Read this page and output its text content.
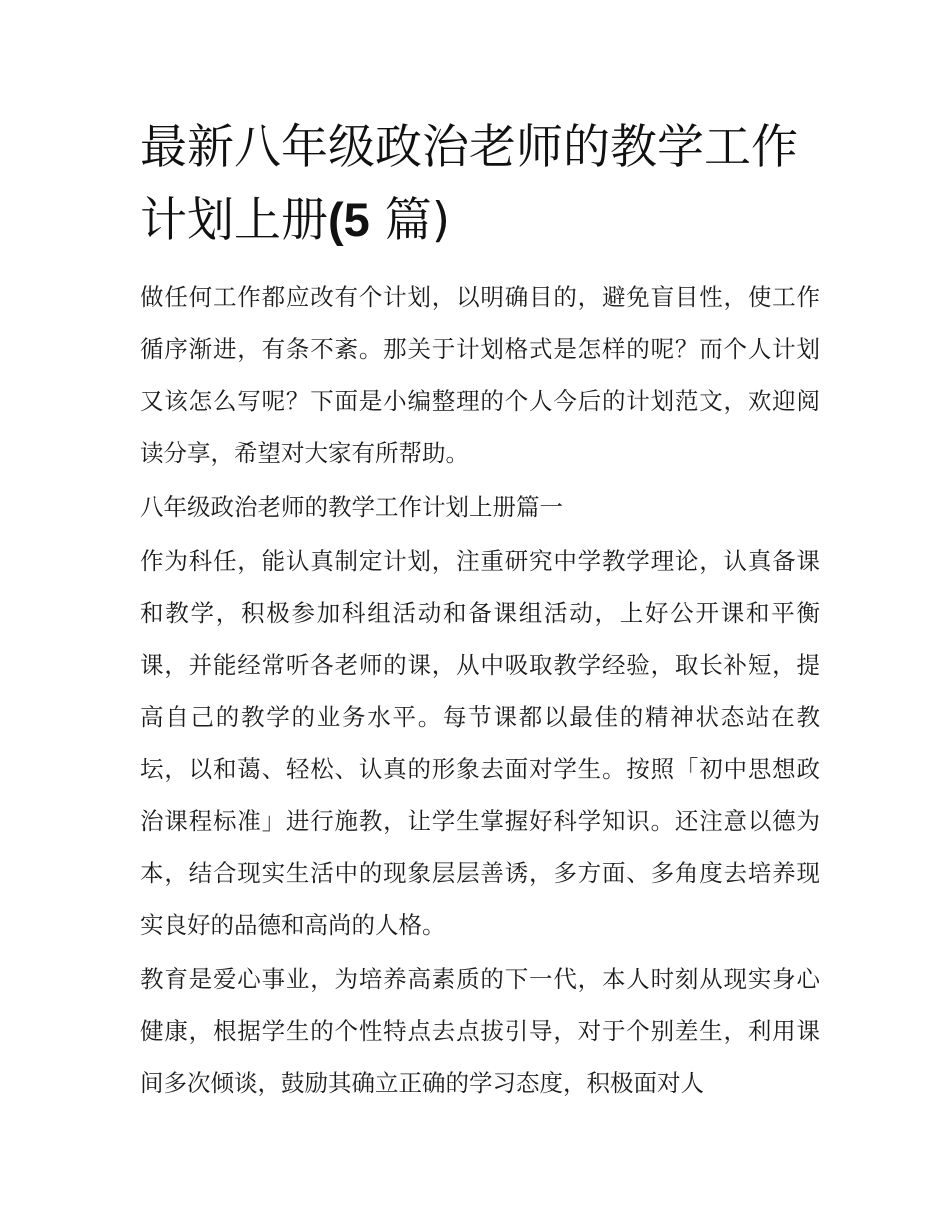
最新八年级政治老师的教学工作计划上册(5 篇)

做任何工作都应改有个计划，以明确目的，避免盲目性，使工作循序渐进，有条不紊。那关于计划格式是怎样的呢？而个人计划又该怎么写呢？下面是小编整理的个人今后的计划范文，欢迎阅读分享，希望对大家有所帮助。

八年级政治老师的教学工作计划上册篇一

作为科任，能认真制定计划，注重研究中学教学理论，认真备课和教学，积极参加科组活动和备课组活动，上好公开课和平衡课，并能经常听各老师的课，从中吸取教学经验，取长补短，提高自己的教学的业务水平。每节课都以最佳的精神状态站在教坛，以和蔼、轻松、认真的形象去面对学生。按照「初中思想政治课程标准」进行施教，让学生掌握好科学知识。还注意以德为本，结合现实生活中的现象层层善诱，多方面、多角度去培养现实良好的品德和高尚的人格。

教育是爱心事业，为培养高素质的下一代，本人时刻从现实身心健康，根据学生的个性特点去点拔引导，对于个别差生，利用课间多次倾谈，鼓励其确立正确的学习态度，积极面对人
